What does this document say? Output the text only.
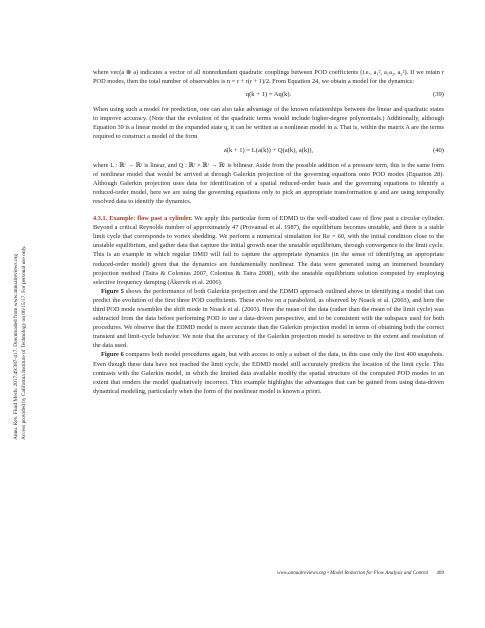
Annu. Rev. Fluid Mech. 2017.49:387-417. Downloaded from www.annualreviews.org Access provided by California Institute of Technology on 06/15/17. For personal use only.

where vec(a ⊗ a) indicates a vector of all nonredundant quadratic couplings between POD coefficients (i.e., a₁², a₁a₂, a₂²). If we retain r POD modes, then the total number of observables is n = r + r(r + 1)/2. From Equation 24, we obtain a model for the dynamics:

q(k + 1) = Aq(k).	(39)

When using such a model for prediction, one can also take advantage of the known relationships between the linear and quadratic states to improve accuracy. (Note that the evolution of the quadratic terms would include higher-degree polynomials.) Additionally, although Equation 39 is a linear model in the expanded state q, it can be written as a nonlinear model in a. That is, within the matrix A are the terms required to construct a model of the form

a(k + 1) = L(a(k)) + Q(a(k), a(k)),	(40)

where L : ℝʳ → ℝʳ is linear, and Q : ℝʳ × ℝʳ → ℝʳ is bilinear. Aside from the possible addition of a pressure term, this is the same form of nonlinear model that would be arrived at through Galerkin projection of the governing equations onto POD modes (Equation 28). Although Galerkin projection uses data for identification of a spatial reduced-order basis and the governing equations to identify a reduced-order model, here we are using the governing equations only to pick an appropriate transformation ψ and are using temporally resolved data to identify the dynamics.

4.3.1. Example: flow past a cylinder. We apply this particular form of EDMD to the well-studied case of flow past a circular cylinder. Beyond a critical Reynolds number of approximately 47 (Provansal et al. 1987), the equilibrium becomes unstable, and there is a stable limit cycle that corresponds to vortex shedding. We perform a numerical simulation for Re = 60, with the initial condition close to the unstable equilibrium, and gather data that capture the initial growth near the unstable equilibrium, through convergence to the limit cycle. This is an example in which regular DMD will fail to capture the appropriate dynamics (in the sense of identifying an appropriate reduced-order model) given that the dynamics are fundamentally nonlinear. The data were generated using an immersed boundary projection method (Taira & Colonius 2007, Colonius & Taira 2008), with the unstable equilibrium solution computed by employing selective frequency damping (Åkervik et al. 2006).

Figure 5 shows the performance of both Galerkin projection and the EDMD approach outlined above in identifying a model that can predict the evolution of the first three POD coefficients. These evolve on a paraboloid, as observed by Noack et al. (2003), and here the third POD mode resembles the shift mode in Noack et al. (2003). Here the mean of the data (rather than the mean of the limit cycle) was subtracted from the data before performing POD to use a data-driven perspective, and to be consistent with the subspace used for both procedures. We observe that the EDMD model is more accurate than the Galerkin projection model in terms of obtaining both the correct transient and limit-cycle behavior. We note that the accuracy of the Galerkin projection model is sensitive to the extent and resolution of the data used.

Figure 6 compares both model procedures again, but with access to only a subset of the data, in this case only the first 400 snapshots. Even though these data have not reached the limit cycle, the EDMD model still accurately predicts the location of the limit cycle. This contrasts with the Galerkin model, in which the limited data available modify the spatial structure of the computed POD modes to an extent that renders the model qualitatively incorrect. This example highlights the advantages that can be gained from using data-driven dynamical modeling, particularly when the form of the nonlinear model is known a priori.

www.annualreviews.org • Model Reduction for Flow Analysis and Control 409
